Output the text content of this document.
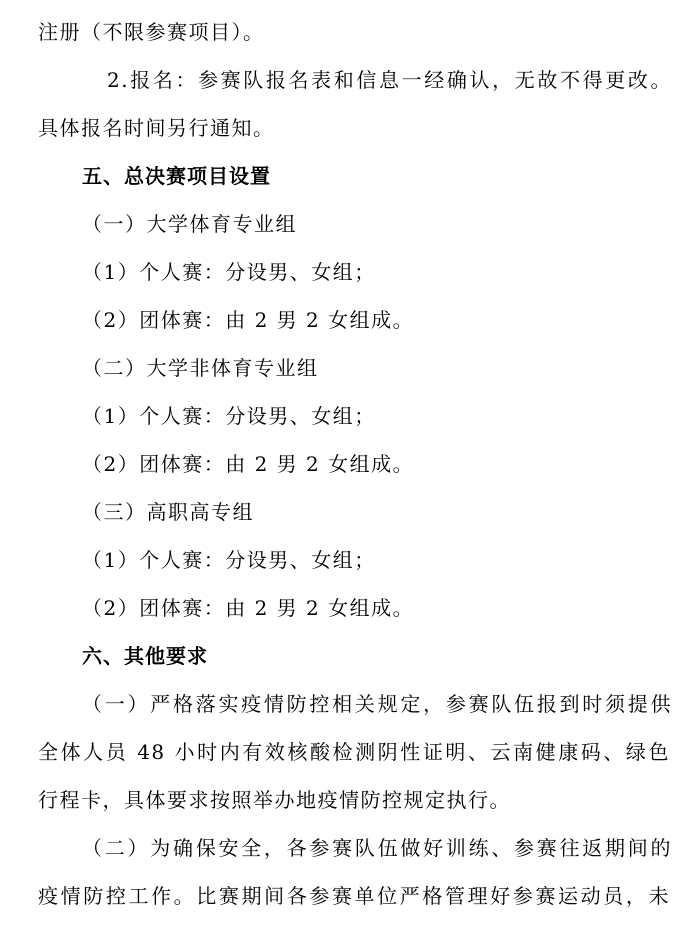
注册（不限参赛项目）。
2.报名：参赛队报名表和信息一经确认，无故不得更改。
具体报名时间另行通知。
五、总决赛项目设置
（一）大学体育专业组
（1）个人赛：分设男、女组；
（2）团体赛：由 2 男 2 女组成。
（二）大学非体育专业组
（1）个人赛：分设男、女组；
（2）团体赛：由 2 男 2 女组成。
（三）高职高专组
（1）个人赛：分设男、女组；
（2）团体赛：由 2 男 2 女组成。
六、其他要求
（一）严格落实疫情防控相关规定，参赛队伍报到时须提供
全体人员 48 小时内有效核酸检测阴性证明、云南健康码、绿色
行程卡，具体要求按照举办地疫情防控规定执行。
（二）为确保安全，各参赛队伍做好训练、参赛往返期间的
疫情防控工作。比赛期间各参赛单位严格管理好参赛运动员，未
